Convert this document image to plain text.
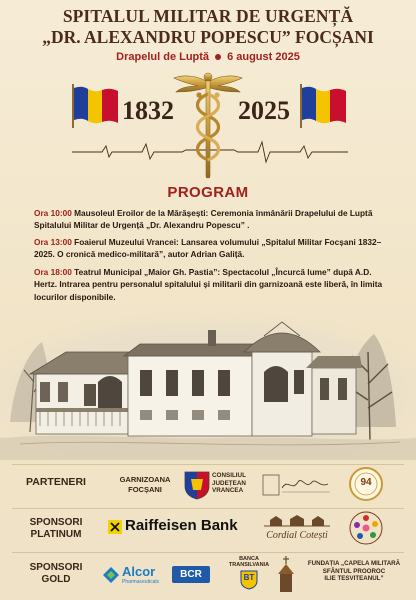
SPITALUL MILITAR DE URGENȚĂ
„DR. ALEXANDRU POPESCU” FOCȘANI
Drapelul de Luptă 6 august 2025
1832 2025
PROGRAM
Ora 10:00 Mausoleul Eroilor de la Mărășești: Ceremonia înmânării Drapelului de Luptă Spitalului Militar de Urgență „Dr. Alexandru Popescu” .
Ora 13:00 Foaierul Muzeului Vrancei: Lansarea volumului „Spitalul Militar Focșani 1832–2025. O cronică medico-militară”, autor Adrian Galiță.
Ora 18:00 Teatrul Municipal „Maior Gh. Pastia”: Spectacolul „Încurcă lume” după A.D. Hertz. Intrarea pentru personalul spitalului și militarii din garnizoană este liberă, în limita locurilor disponibile.
PARTENERI	GARNIZOANA
FOCȘANI
CONSILIUL
JUDEȚEAN
VRANCEA
94
SPONSORI
PLATINUM	Raiffeisen Bank
Cordial Cotești
SPONSORI
GOLD	Alcor
Pharmaceuticals
BCR
BANCA
TRANSILVANIA
BT
FUNDAȚIA „CAPELA MILITARĂ
SFÂNTUL PROOROC
ILIE TESVITEANUL”
